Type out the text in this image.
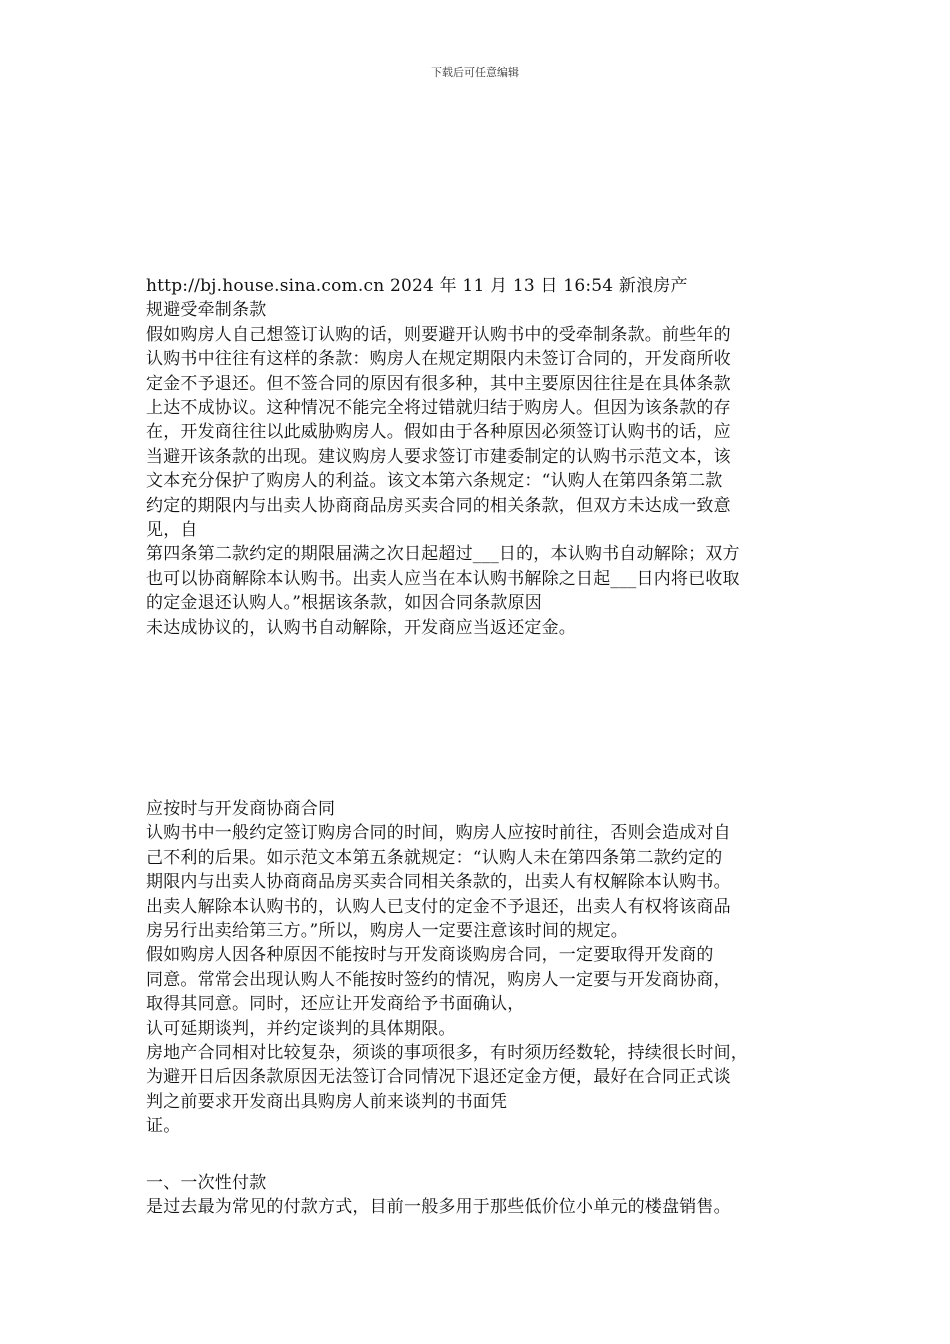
下载后可任意编辑
http://bj.house.sina.com.cn 2024 年 11 月 13 日 16:54 新浪房产
规避受牵制条款
假如购房人自己想签订认购的话，则要避开认购书中的受牵制条款。前些年的
认购书中往往有这样的条款：购房人在规定期限内未签订合同的，开发商所收
定金不予退还。但不签合同的原因有很多种，其中主要原因往往是在具体条款
上达不成协议。这种情况不能完全将过错就归结于购房人。但因为该条款的存
在，开发商往往以此威胁购房人。假如由于各种原因必须签订认购书的话，应
当避开该条款的出现。建议购房人要求签订市建委制定的认购书示范文本，该
文本充分保护了购房人的利益。该文本第六条规定：“认购人在第四条第二款
约定的期限内与出卖人协商商品房买卖合同的相关条款，但双方未达成一致意
见，自
第四条第二款约定的期限届满之次日起超过___日的，本认购书自动解除；双方
也可以协商解除本认购书。出卖人应当在本认购书解除之日起___日内将已收取
的定金退还认购人。”根据该条款，如因合同条款原因
未达成协议的，认购书自动解除，开发商应当返还定金。
应按时与开发商协商合同
认购书中一般约定签订购房合同的时间，购房人应按时前往，否则会造成对自
己不利的后果。如示范文本第五条就规定：“认购人未在第四条第二款约定的
期限内与出卖人协商商品房买卖合同相关条款的，出卖人有权解除本认购书。
出卖人解除本认购书的，认购人已支付的定金不予退还，出卖人有权将该商品
房另行出卖给第三方。”所以，购房人一定要注意该时间的规定。
假如购房人因各种原因不能按时与开发商谈购房合同，一定要取得开发商的
同意。常常会出现认购人不能按时签约的情况，购房人一定要与开发商协商，
取得其同意。同时，还应让开发商给予书面确认，
认可延期谈判，并约定谈判的具体期限。
房地产合同相对比较复杂，须谈的事项很多，有时须历经数轮，持续很长时间，
为避开日后因条款原因无法签订合同情况下退还定金方便，最好在合同正式谈
判之前要求开发商出具购房人前来谈判的书面凭
证。
一、一次性付款
是过去最为常见的付款方式，目前一般多用于那些低价位小单元的楼盘销售。
